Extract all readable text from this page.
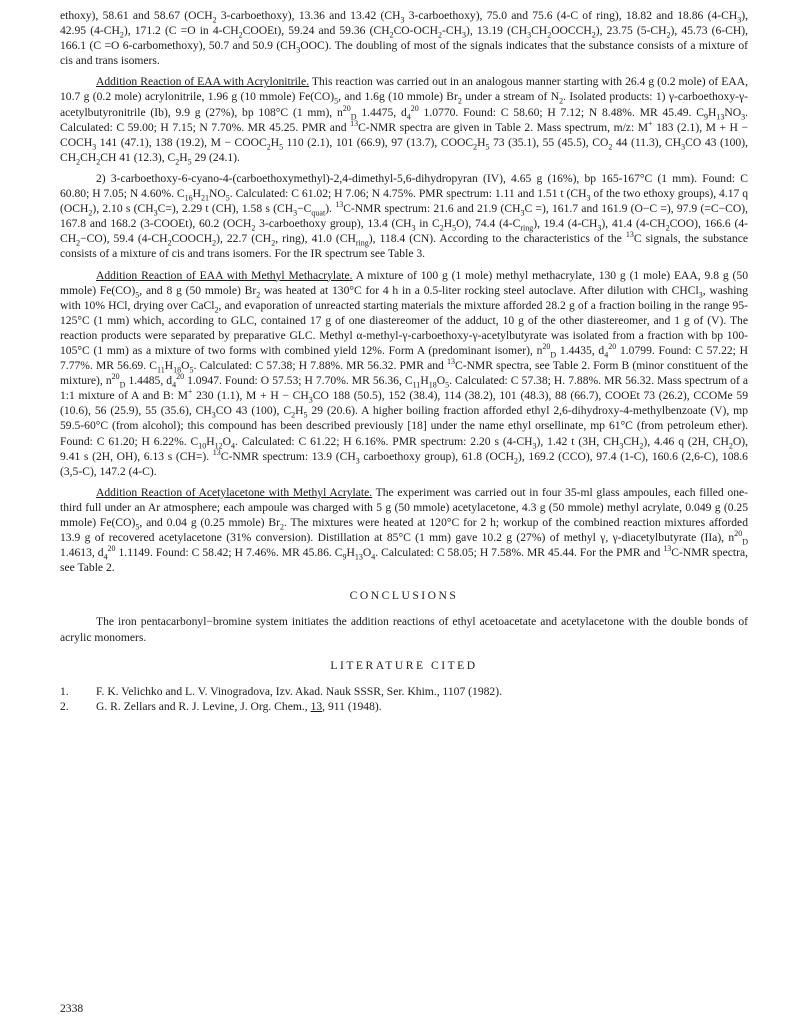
ethoxy), 58.61 and 58.67 ($OCH_2$ 3-carboethoxy), 13.36 and 13.42 ($CH_3$ 3-carboethoxy), 75.0 and 75.6 (4-C of ring), 18.82 and 18.86 $(4-CH_3)$, 42.95 $(4-CH_2)$, 171.2 (C =O in $4-CH_2COOEt$), 59.24 and 59.36 $(CH_2CO-OCH_2-CH_3)$, 13.19 $(CH_3CH_2OOCCH_2)$, 23.75 $(5-CH_2)$, 45.73 (6-CH), 166.1 (C =O 6-carbomethoxy), 50.7 and 50.9 $(CH_3OOC)$. The doubling of most of the signals indicates that the substance consists of a mixture of cis and trans isomers.

Addition Reaction of EAA with Acrylonitrile. This reaction was carried out in an analogous manner starting with 26.4 g (0.2 mole) of EAA, 10.7 g (0.2 mole) acrylonitrile, 1.96 g (10 mmole) $Fe(CO)_5$, and 1.6g (10 mmole) $Br_2$ under a stream of $N_2$. Isolated products: 1) γ-carboethoxy-γ-acetylbutyronitrile (Ib), 9.9 g (27%), bp 108°C (1 mm), $n^{20}_D$ 1.4475, $d_4^{20}$ 1.0770. Found: C 58.60; H 7.12; N 8.48%. MR 45.49. $C_9H_{13}NO_3$. Calculated: C 59.00; H 7.15; N 7.70%. MR 45.25. PMR and $^{13}$C-NMR spectra are given in Table 2. Mass spectrum, m/z: M+ 183 (2.1), $M + H - COCH_3$ 141 (47.1), 138 (19.2), $M - COOC_2H_5$ 110 (2.1), 101 (66.9), 97 (13.7), $COOC_2H_5$ 73 (35.1), 55 (45.5), $CO_2$ 44 (11.3), $CH_3CO$ 43 (100), $CH_2CH_2CH$ 41 (12.3), $C_2H_5$ 29 (24.1).

2) 3-carboethoxy-6-cyano-4-(carboethoxymethyl)-2,4-dimethyl-5,6-dihydropyran (IV), 4.65 g (16%), bp 165-167°C (1 mm). Found: C 60.80; H 7.05; N 4.60%. $C_{16}H_{21}NO_5$. Calculated: C 61.02; H 7.06; N 4.75%. PMR spectrum: 1.11 and 1.51 t ($CH_3$ of the two ethoxy groups), 4.17 q $(OCH_2)$, 2.10 s $(CH_3C=)$, 2.29 t (CH), 1.58 s $(CH_3-C_{quat})$. $^{13}$C-NMR spectrum: 21.6 and 21.9 ($CH_3C$ =), 161.7 and 161.9 (O−C =), 97.9 (=C−CO), 167.8 and 168.2 (3-COOEt), 60.2 ($OCH_2$ 3-carboethoxy group), 13.4 ($CH_3$ in $C_2H_5O$), 74.4 $(4-C_{ring})$, 19.4 $(4-CH_3)$, 41.4 $(4-CH_2COO)$, 166.6 $(4-CH_2-CO)$, 59.4 $(4-CH_2COOCH_2)$, 22.7 ($CH_2$, ring), 41.0 $(CH_{ring})$, 118.4 (CN). According to the characteristics of the $^{13}$C signals, the substance consists of a mixture of cis and trans isomers. For the IR spectrum see Table 3.

Addition Reaction of EAA with Methyl Methacrylate. A mixture of 100 g (1 mole) methyl methacrylate, 130 g (1 mole) EAA, 9.8 g (50 mmole) $Fe(CO)_5$, and 8 g (50 mmole) $Br_2$ was heated at 130°C for 4 h in a 0.5-liter rocking steel autoclave. After dilution with CHCl$_3$, washing with 10% HCl, drying over CaCl$_2$, and evaporation of unreacted starting materials the mixture afforded 28.2 g of a fraction boiling in the range 95-125°C (1 mm) which, according to GLC, contained 17 g of one diastereomer of the adduct, 10 g of the other diastereomer, and 1 g of (V). The reaction products were separated by preparative GLC. Methyl α-methyl-γ-carboethoxy-γ-acetylbutyrate was isolated from a fraction with bp 100-105°C (1 mm) as a mixture of two forms with combined yield 12%. Form A (predominant isomer), $n^{20}_D$ 1.4435, $d_4^{20}$ 1.0799. Found: C 57.22; H 7.77%. MR 56.69. $C_{11}H_{18}O_5$. Calculated: C 57.38; H 7.88%. MR 56.32. PMR and $^{13}$C-NMR spectra, see Table 2. Form B (minor constituent of the mixture), $n^{20}_D$ 1.4485, $d_4^{20}$ 1.0947. Found: O 57.53; H 7.70%. MR 56.36, $C_{11}H_{18}O_5$. Calculated: C 57.38; H. 7.88%. MR 56.32. Mass spectrum of a 1:1 mixture of A and B: M+ 230 (1.1), $M + H - CH_3CO$ 188 (50.5), 152 (38.4), 114 (38.2), 101 (48.3), 88 (66.7), COOEt 73 (26.2), CCOMe 59 (10.6), 56 (25.9), 55 (35.6), $CH_3CO$ 43 (100), $C_2H_5$ 29 (20.6). A higher boiling fraction afforded ethyl 2,6-dihydroxy-4-methylbenzoate (V), mp 59.5-60°C (from alcohol); this compound has been described previously [18] under the name ethyl orsellinate, mp 61°C (from petroleum ether). Found: C 61.20; H 6.22%. $C_{10}H_{12}O_4$. Calculated: C 61.22; H 6.16%. PMR spectrum: 2.20 s $(4-CH_3)$, 1.42 t (3H, $CH_3CH_2$), 4.46 q (2H, $CH_2O$), 9.41 s (2H, OH), 6.13 s (CH=). $^{13}$C-NMR spectrum: 13.9 ($CH_3$ carboethoxy group), 61.8 $(OCH_2)$, 169.2 (CCO), 97.4 (1-C), 160.6 (2,6-C), 108.6 (3,5-C), 147.2 (4-C).

Addition Reaction of Acetylacetone with Methyl Acrylate. The experiment was carried out in four 35-ml glass ampoules, each filled one-third full under an Ar atmosphere; each ampoule was charged with 5 g (50 mmole) acetylacetone, 4.3 g (50 mmole) methyl acrylate, 0.049 g (0.25 mmole) $Fe(CO)_5$, and 0.04 g (0.25 mmole) $Br_2$. The mixtures were heated at 120°C for 2 h; workup of the combined reaction mixtures afforded 13.9 g of recovered acetylacetone (31% conversion). Distillation at 85°C (1 mm) gave 10.2 g (27%) of methyl γ, γ-diacetylbutyrate (IIa), $n^{20}_D$ 1.4613, $d_4^{20}$ 1.1149. Found: C 58.42; H 7.46%. MR 45.86. $C_9H_{13}O_4$. Calculated: C 58.05; H 7.58%. MR 45.44. For the PMR and $^{13}$C-NMR spectra, see Table 2.

CONCLUSIONS

The iron pentacarbonyl−bromine system initiates the addition reactions of ethyl acetoacetate and acetylacetone with the double bonds of acrylic monomers.

LITERATURE CITED

1.	F. K. Velichko and L. V. Vinogradova, Izv. Akad. Nauk SSSR, Ser. Khim., 1107 (1982).
2.	G. R. Zellars and R. J. Levine, J. Org. Chem., 13, 911 (1948).
2338
